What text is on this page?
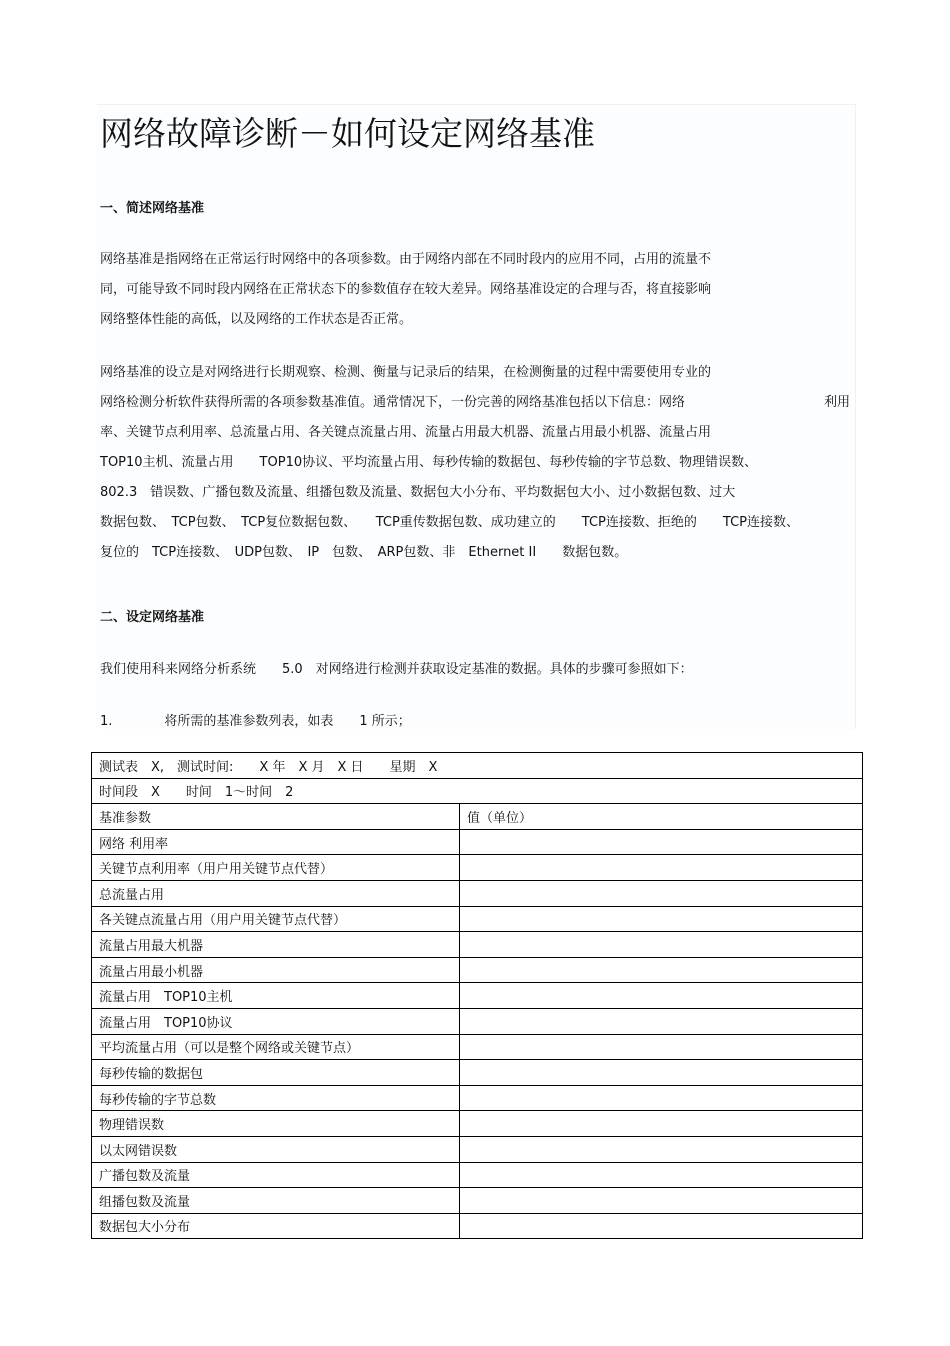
网络故障诊断－如何设定网络基准
一、简述网络基准

网络基准是指网络在正常运行时网络中的各项参数。由于网络内部在不同时段内的应用不同，占用的流量不

同，可能导致不同时段内网络在正常状态下的参数值存在较大差异。网络基准设定的合理与否，将直接影响

网络整体性能的高低，以及网络的工作状态是否正常。

网络基准的设立是对网络进行长期观察、检测、衡量与记录后的结果，在检测衡量的过程中需要使用专业的

网络检测分析软件获得所需的各项参数基准值。通常情况下，一份完善的网络基准包括以下信息：网络	利用

率、关键节点利用率、总流量占用、各关键点流量占用、流量占用最大机器、流量占用最小机器、流量占用

TOP10主机、流量占用　　TOP10协议、平均流量占用、每秒传输的数据包、每秒传输的字节总数、物理错误数、

802.3　错误数、广播包数及流量、组播包数及流量、数据包大小分布、平均数据包大小、过小数据包数、过大

数据包数、　TCP包数、　TCP复位数据包数、　　TCP重传数据包数、成功建立的　　TCP连接数、拒绝的　　TCP连接数、

复位的　TCP连接数、　UDP包数、　IP　包数、　ARP包数、非　Ethernet II　　数据包数。

二、设定网络基准

我们使用科来网络分析系统　　5.0　对网络进行检测并获取设定基准的数据。具体的步骤可参照如下：

1.　　　　将所需的基准参数列表，如表　　1 所示；

测试表　X,　测试时间:　　X 年　X 月　X 日　　星期　X	
时间段　X　　时间　1～时间　2	
基准参数	值（单位）
网络 利用率	
关键节点利用率（用户用关键节点代替）	
总流量占用	
各关键点流量占用（用户用关键节点代替）	
流量占用最大机器	
流量占用最小机器	
流量占用　TOP10主机	
流量占用　TOP10协议	
平均流量占用（可以是整个网络或关键节点）	
每秒传输的数据包	
每秒传输的字节总数	
物理错误数	
以太网错误数	
广播包数及流量	
组播包数及流量	
数据包大小分布	
